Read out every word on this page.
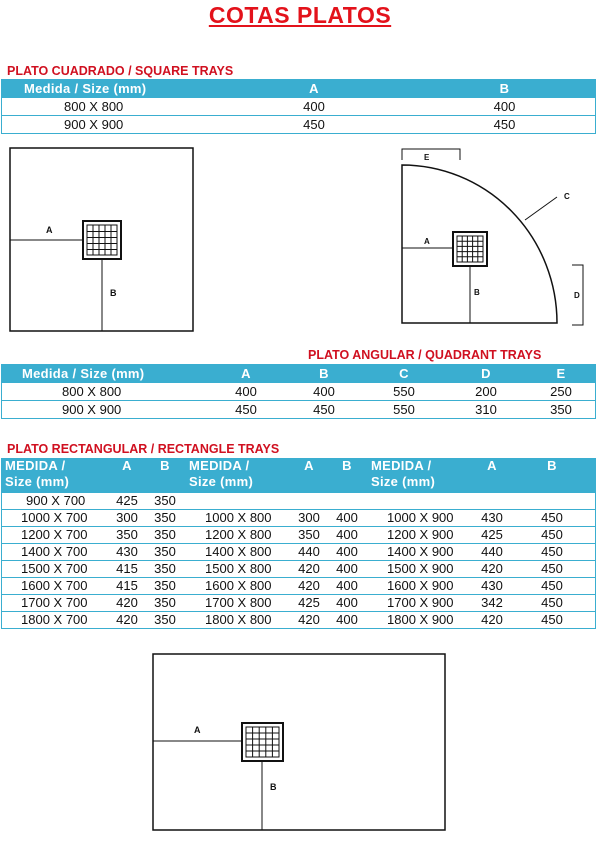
COTAS PLATOS
PLATO CUADRADO / SQUARE TRAYS
Medida / Size (mm)	A	B
800 X 800	400	400
900 X 900	450	450
A
B
E
C
A
B	D
PLATO ANGULAR / QUADRANT TRAYS
Medida / Size (mm)	A	B	C	D	E
800 X 800	400	400	550	200	250
900 X 900	450	450	550	310	350
PLATO RECTANGULAR / RECTANGLE TRAYS
MEDIDA /
Size (mm)	A	B	MEDIDA /
Size (mm)	A	B	MEDIDA /
Size (mm)	A	B
900 X 700	425	350						
1000 X 700	300	350	1000 X 800	300	400	1000 X 900	430	450
1200 X 700	350	350	1200 X 800	350	400	1200 X 900	425	450
1400 X 700	430	350	1400 X 800	440	400	1400 X 900	440	450
1500 X 700	415	350	1500 X 800	420	400	1500 X 900	420	450
1600 X 700	415	350	1600 X 800	420	400	1600 X 900	430	450
1700 X 700	420	350	1700 X 800	425	400	1700 X 900	342	450
1800 X 700	420	350	1800 X 800	420	400	1800 X 900	420	450
A
B
